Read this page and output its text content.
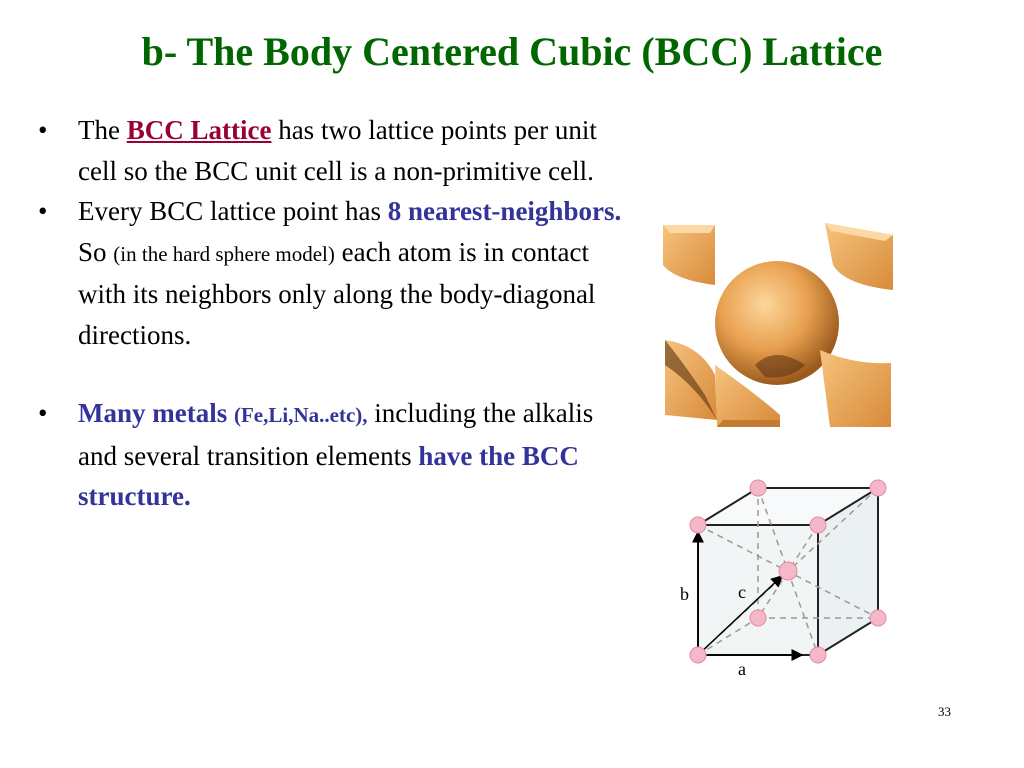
b- The Body Centered Cubic (BCC) Lattice
• The BCC Lattice has two lattice points per unit cell so the BCC unit cell is a non-primitive cell.
• Every BCC lattice point has 8 nearest-neighbors. So (in the hard sphere model) each atom is in contact with its neighbors only along the body-diagonal directions.
• Many metals (Fe,Li,Na..etc), including the alkalis and several transition elements have the BCC structure.
b	c
a
33
